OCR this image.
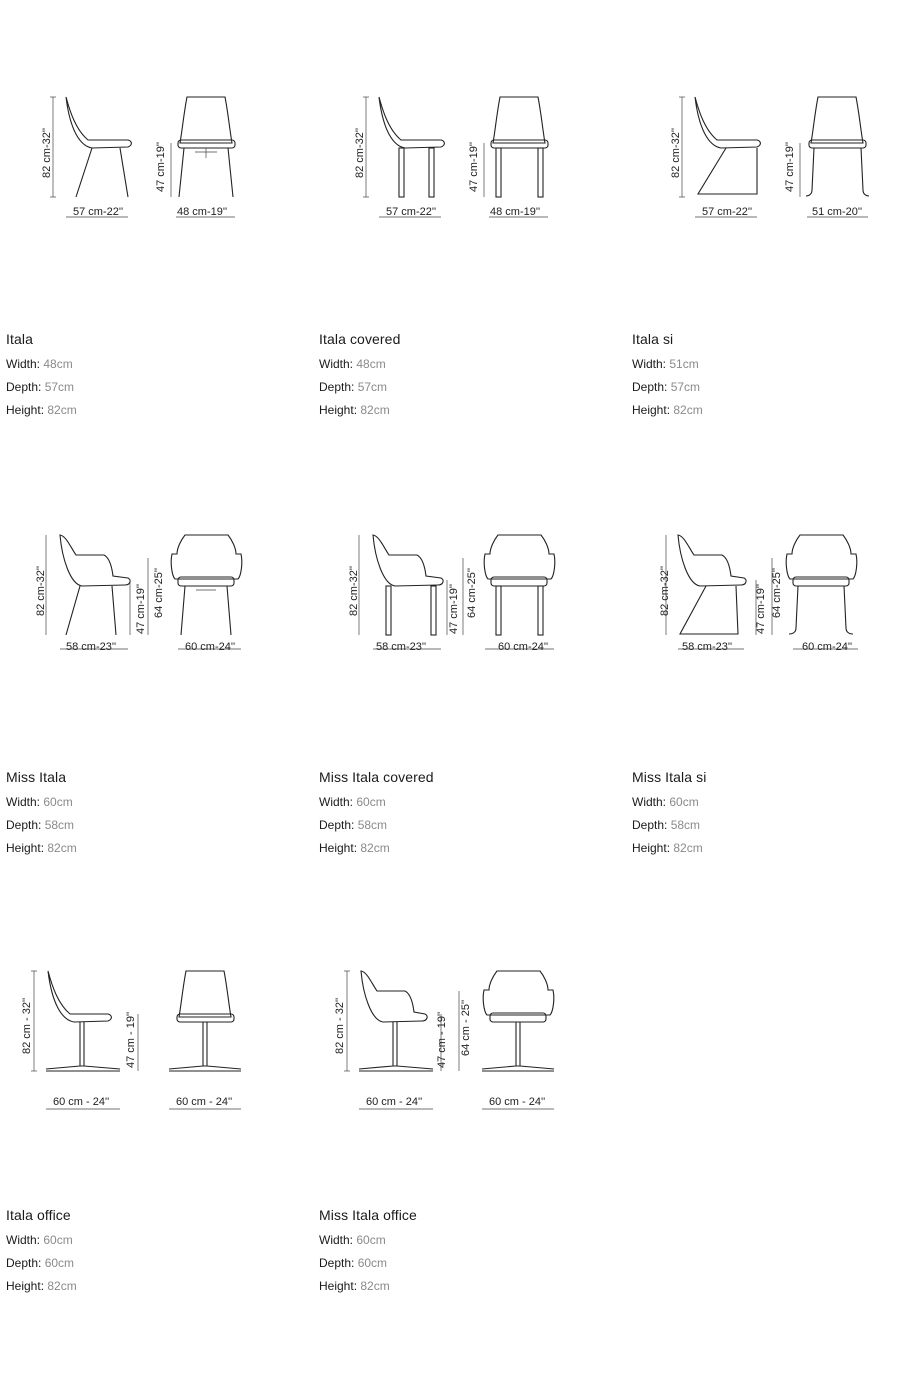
82 cm-32''
57 cm-22''
47 cm-19''
48 cm-19''
Itala
Width: 48cm
Depth: 57cm
Height: 82cm
82 cm-32''
57 cm-22''
47 cm-19''
48 cm-19''
Itala covered
Width: 48cm
Depth: 57cm
Height: 82cm
82 cm-32''
57 cm-22''
47 cm-19''
51 cm-20''
Itala si
Width: 51cm
Depth: 57cm
Height: 82cm
82 cm-32''
58 cm-23''
47 cm-19'' 64 cm-25''
60 cm-24''
Miss Itala
Width: 60cm
Depth: 58cm
Height: 82cm
82 cm-32''
58 cm-23''
47 cm-19'' 64 cm-25''
60 cm-24''
Miss Itala covered
Width: 60cm
Depth: 58cm
Height: 82cm
82 cm-32''
58 cm-23''
47 cm-19'' 64 cm-25''
60 cm-24''
Miss Itala si
Width: 60cm
Depth: 58cm
Height: 82cm
82 cm - 32''	47 cm - 19''
60 cm - 24''	60 cm - 24''
Itala office
Width: 60cm
Depth: 60cm
Height: 82cm
82 cm - 32''	47 cm - 19'' 64 cm - 25''
60 cm - 24''	60 cm - 24''
Miss Itala office
Width: 60cm
Depth: 60cm
Height: 82cm
